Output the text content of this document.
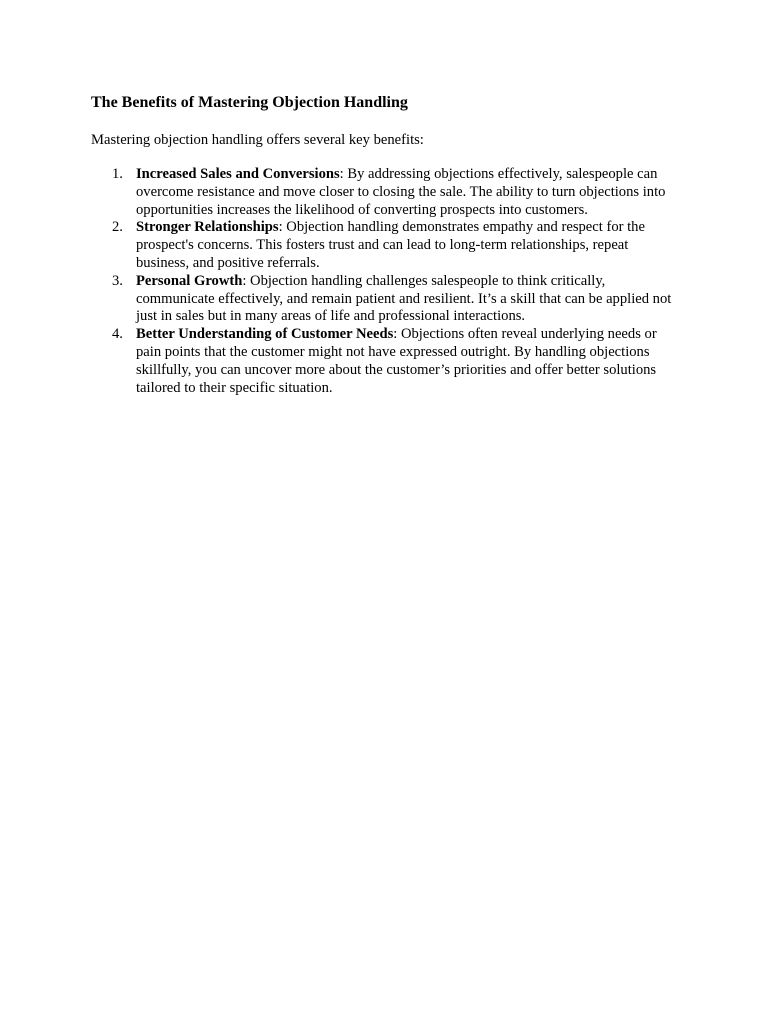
The Benefits of Mastering Objection Handling

Mastering objection handling offers several key benefits:

1. Increased Sales and Conversions: By addressing objections effectively, salespeople can overcome resistance and move closer to closing the sale. The ability to turn objections into opportunities increases the likelihood of converting prospects into customers.
2. Stronger Relationships: Objection handling demonstrates empathy and respect for the prospect's concerns. This fosters trust and can lead to long-term relationships, repeat business, and positive referrals.
3. Personal Growth: Objection handling challenges salespeople to think critically, communicate effectively, and remain patient and resilient. It’s a skill that can be applied not just in sales but in many areas of life and professional interactions.
4. Better Understanding of Customer Needs: Objections often reveal underlying needs or pain points that the customer might not have expressed outright. By handling objections skillfully, you can uncover more about the customer’s priorities and offer better solutions tailored to their specific situation.
